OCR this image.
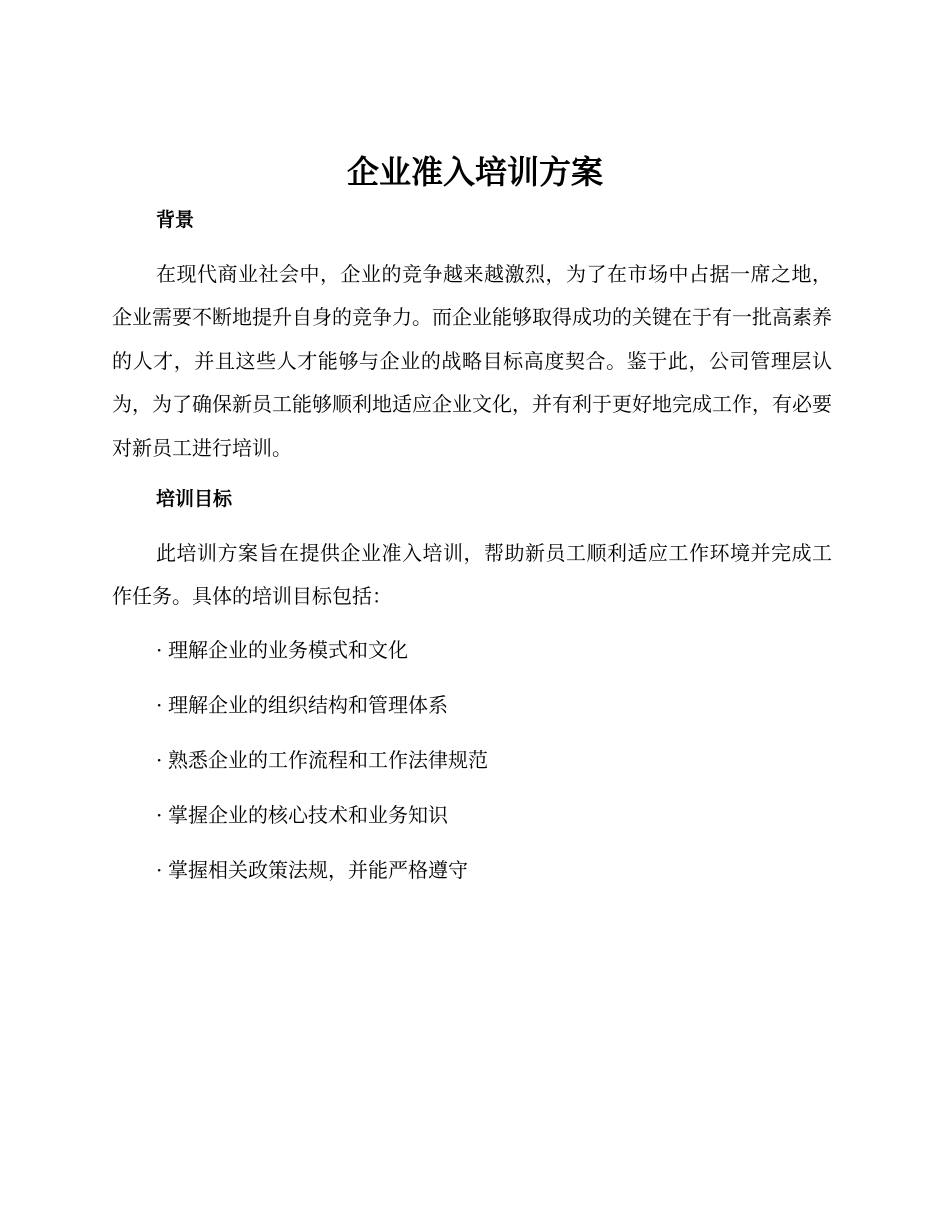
企业准入培训方案
背景

在现代商业社会中，企业的竞争越来越激烈，为了在市场中占据一席之地，企业需要不断地提升自身的竞争力。而企业能够取得成功的关键在于有一批高素养的人才，并且这些人才能够与企业的战略目标高度契合。鉴于此，公司管理层认为，为了确保新员工能够顺利地适应企业文化，并有利于更好地完成工作，有必要对新员工进行培训。

培训目标

此培训方案旨在提供企业准入培训，帮助新员工顺利适应工作环境并完成工作任务。具体的培训目标包括：

· 理解企业的业务模式和文化
· 理解企业的组织结构和管理体系
· 熟悉企业的工作流程和工作法律规范
· 掌握企业的核心技术和业务知识
· 掌握相关政策法规，并能严格遵守
